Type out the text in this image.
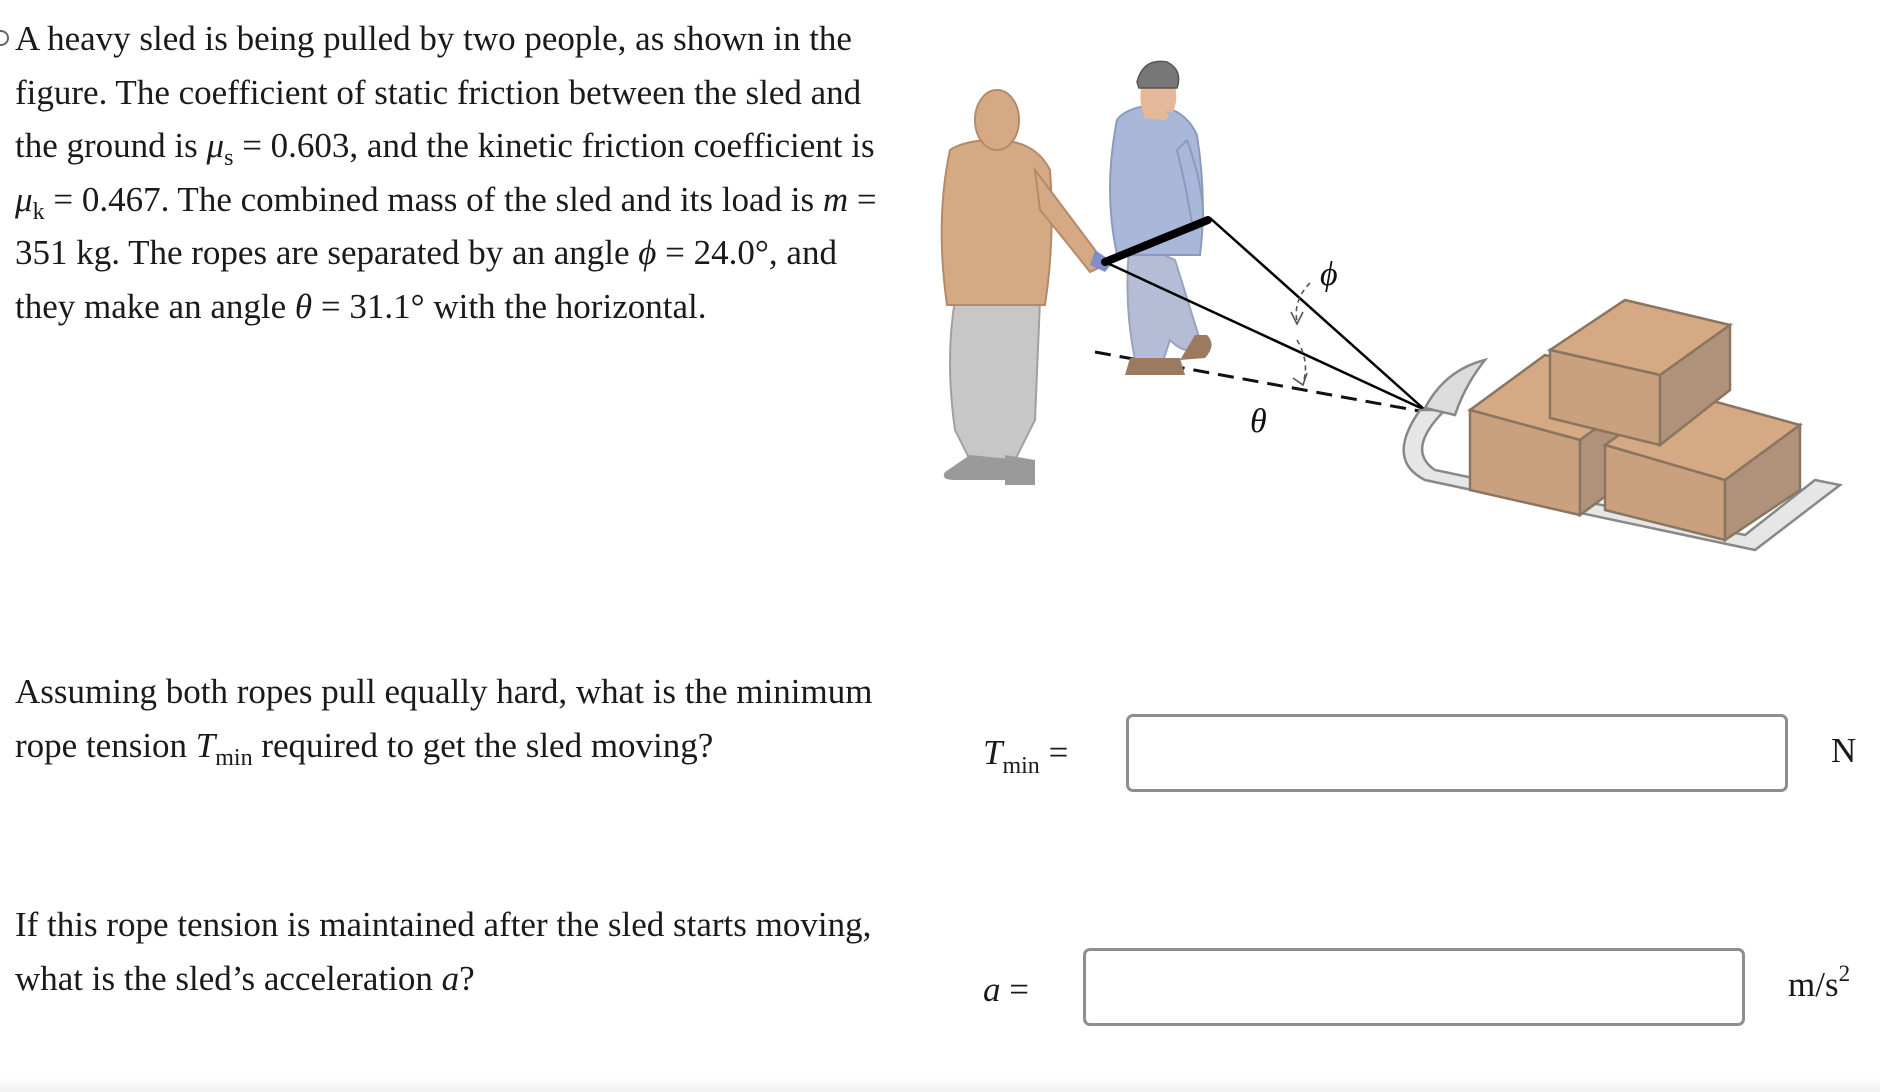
A heavy sled is being pulled by two people, as shown in the figure. The coefficient of static friction between the sled and the ground is $\mu_s = 0.603$, and the kinetic friction coefficient is $\mu_k = 0.467$. The combined mass of the sled and its load is m = 351 kg. The ropes are separated by an angle ϕ = 24.0°, and they make an angle θ = 31.1° with the horizontal.

ϕ
θ

Assuming both ropes pull equally hard, what is the minimum rope tension $T_{min}$ required to get the sled moving?	$T_{min}$ =	N

If this rope tension is maintained after the sled starts moving, what is the sled’s acceleration a?	a =	$m/s^2$
